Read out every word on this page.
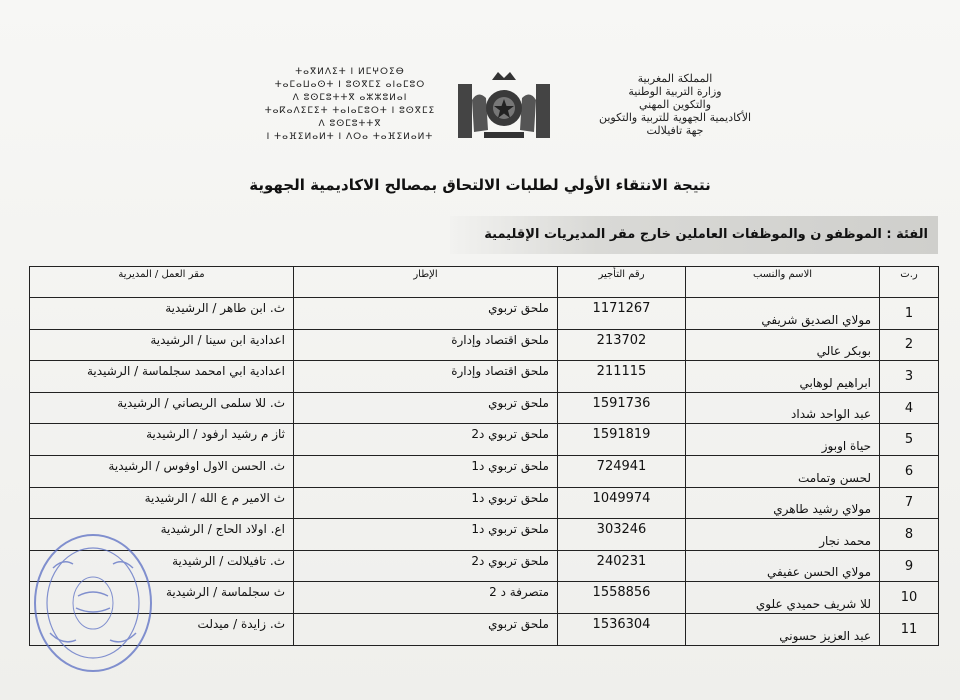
المملكة المغربية
وزارة التربية الوطنية
والتكوين المهني
الأكاديمية الجهوية للتربية والتكوين
جهة تافيلالت
ⵜⴰⴳⵍⴷⵉⵜ ⵏ ⵍⵎⵖⵔⵉⴱ
ⵜⴰⵎⴰⵡⴰⵙⵜ ⵏ ⵓⵙⴳⵎⵉ ⴰⵏⴰⵎⵓⵔ
ⴷ ⵓⵙⵎⵓⵜⵜⴳ ⴰⵣⵣⵓⵍⴰⵏ
ⵜⴰⴽⴰⴷⵉⵎⵉⵜ ⵜⴰⵏⴰⵎⵓⵔⵜ ⵏ ⵓⵙⴳⵎⵉ
ⴷ ⵓⵙⵎⵓⵜⵜⴳ
ⵏ ⵜⴰⴼⵉⵍⴰⵍⵜ ⵏ ⴷⵔⴰ ⵜⴰⴼⵉⵍⴰⵍⵜ
نتيجة الانتقاء الأولي لطلبات الالتحاق بمصالح الاكاديمية الجهوية
الفئة : الموظفو ن والموظفات العاملين خارج مقر المديريات الإقليمية
ر.ت	الاسم والنسب	رقم التأجير	الإطار	مقر العمل / المديرية
1	مولاي الصديق شريفي	1171267	ملحق تربوي	ث. ابن طاهر / الرشيدية
2	بوبكر عالي	213702	ملحق اقتصاد وإدارة	اعدادية ابن سينا / الرشيدية
3	ابراهيم لوهابي	211115	ملحق اقتصاد وإدارة	اعدادية ابي امحمد سجلماسة / الرشيدية
4	عبد الواحد شداد	1591736	ملحق تربوي	ث. للا سلمى الريصاني / الرشيدية
5	حياة اوبوز	1591819	ملحق تربوي د2	ثاز م رشيد ارفود / الرشيدية
6	لحسن وتمامت	724941	ملحق تربوي د1	ث. الحسن الاول اوفوس / الرشيدية
7	مولاي رشيد طاهري	1049974	ملحق تربوي د1	ث الامير م ع الله / الرشيدية
8	محمد نجار	303246	ملحق تربوي د1	اع. اولاد الحاج / الرشيدية
9	مولاي الحسن عفيفي	240231	ملحق تربوي د2	ث. تافيلالت / الرشيدية
10	للا شريف حميدي علوي	1558856	متصرفة د 2	ث سجلماسة / الرشيدية
11	عبد العزيز حسوني	1536304	ملحق تربوي	ث. زايدة / ميدلت
